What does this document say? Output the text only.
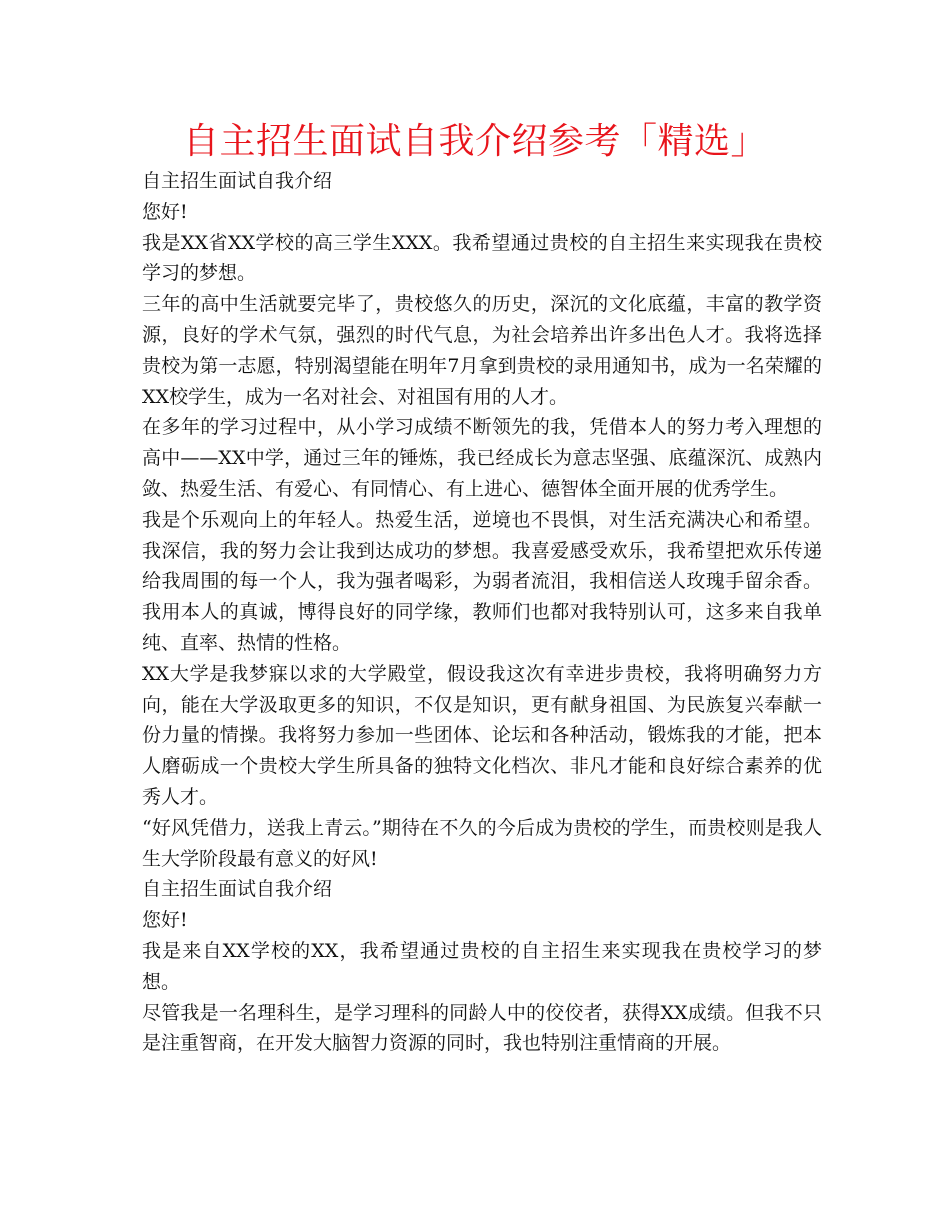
自主招生面试自我介绍参考「精选」

自主招生面试自我介绍

您好!

我是XX省XX学校的高三学生XXX。我希望通过贵校的自主招生来实现我在贵校学习的梦想。

三年的高中生活就要完毕了，贵校悠久的历史，深沉的文化底蕴，丰富的教学资源，良好的学术气氛，强烈的时代气息，为社会培养出许多出色人才。我将选择贵校为第一志愿，特别渴望能在明年7月拿到贵校的录用通知书，成为一名荣耀的XX校学生，成为一名对社会、对祖国有用的人才。

在多年的学习过程中，从小学习成绩不断领先的我，凭借本人的努力考入理想的高中——XX中学，通过三年的锤炼，我已经成长为意志坚强、底蕴深沉、成熟内敛、热爱生活、有爱心、有同情心、有上进心、德智体全面开展的优秀学生。

我是个乐观向上的年轻人。热爱生活，逆境也不畏惧，对生活充满决心和希望。我深信，我的努力会让我到达成功的梦想。我喜爱感受欢乐，我希望把欢乐传递给我周围的每一个人，我为强者喝彩，为弱者流泪，我相信送人玫瑰手留余香。我用本人的真诚，博得良好的同学缘，教师们也都对我特别认可，这多来自我单纯、直率、热情的性格。

XX大学是我梦寐以求的大学殿堂，假设我这次有幸进步贵校，我将明确努力方向，能在大学汲取更多的知识，不仅是知识，更有献身祖国、为民族复兴奉献一份力量的情操。我将努力参加一些团体、论坛和各种活动，锻炼我的才能，把本人磨砺成一个贵校大学生所具备的独特文化档次、非凡才能和良好综合素养的优秀人才。

“好风凭借力，送我上青云。”期待在不久的今后成为贵校的学生，而贵校则是我人生大学阶段最有意义的好风!

自主招生面试自我介绍

您好!

我是来自XX学校的XX，我希望通过贵校的自主招生来实现我在贵校学习的梦想。

尽管我是一名理科生，是学习理科的同龄人中的佼佼者，获得XX成绩。但我不只是注重智商，在开发大脑智力资源的同时，我也特别注重情商的开展。
